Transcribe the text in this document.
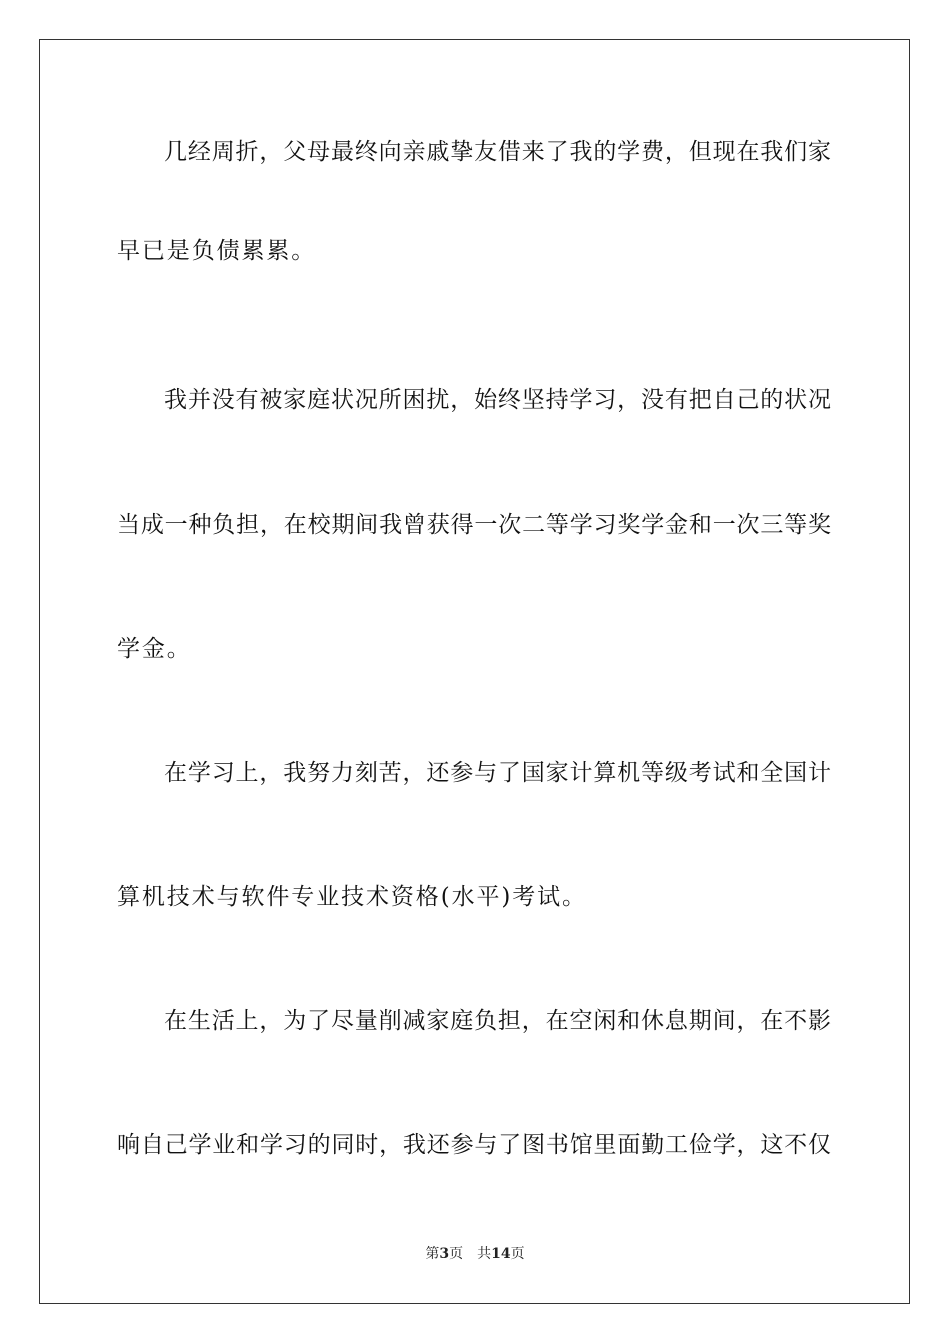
几经周折，父母最终向亲戚挚友借来了我的学费，但现在我们家
早已是负债累累。
我并没有被家庭状况所困扰，始终坚持学习，没有把自己的状况
当成一种负担，在校期间我曾获得一次二等学习奖学金和一次三等奖
学金。
在学习上，我努力刻苦，还参与了国家计算机等级考试和全国计
算机技术与软件专业技术资格(水平)考试。
在生活上，为了尽量削减家庭负担，在空闲和休息期间，在不影
响自己学业和学习的同时，我还参与了图书馆里面勤工俭学，这不仅
第3页 共14页
